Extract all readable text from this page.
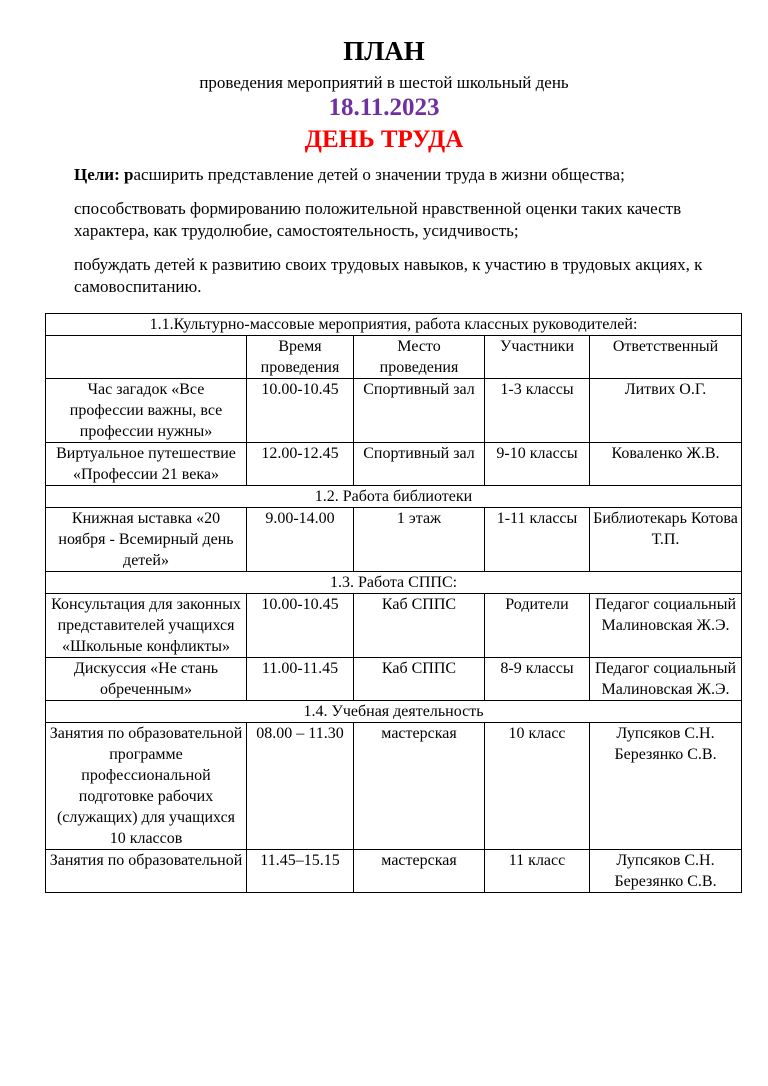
ПЛАН
проведения мероприятий в шестой школьный день
18.11.2023
ДЕНЬ ТРУДА

Цели: расширить представление детей о значении труда в жизни общества;

способствовать формированию положительной нравственной оценки таких качеств характера, как трудолюбие, самостоятельность, усидчивость;

побуждать детей к развитию своих трудовых навыков, к участию в трудовых акциях, к самовоспитанию.

1.1.Культурно-массовые мероприятия, работа классных руководителей:				
	Время проведения	Место проведения	Участники	Ответственный
Час загадок «Все профессии важны, все профессии нужны»	10.00-10.45	Спортивный зал	1-3 классы	Литвих О.Г.
Виртуальное путешествие «Профессии 21 века»	12.00-12.45	Спортивный зал	9-10 классы	Коваленко Ж.В.
1.2. Работа библиотеки				
Книжная ыставка «20 ноября - Всемирный день детей»	9.00-14.00	1 этаж	1-11 классы	Библиотекарь Котова Т.П.
1.3. Работа СППС:				
Консультация для законных представителей учащихся «Школьные конфликты»	10.00-10.45	Каб СППС	Родители	Педагог социальный Малиновская Ж.Э.
Дискуссия «Не стань обреченным»	11.00-11.45	Каб СППС	8-9 классы	Педагог социальный Малиновская Ж.Э.
1.4. Учебная деятельность				
Занятия по образовательной программе профессиональной подготовке рабочих (служащих) для учащихся 10 классов	08.00 – 11.30	мастерская	10 класс	Лупсяков С.Н. Березянко С.В.
Занятия по образовательной	11.45–15.15	мастерская	11 класс	Лупсяков С.Н. Березянко С.В.
